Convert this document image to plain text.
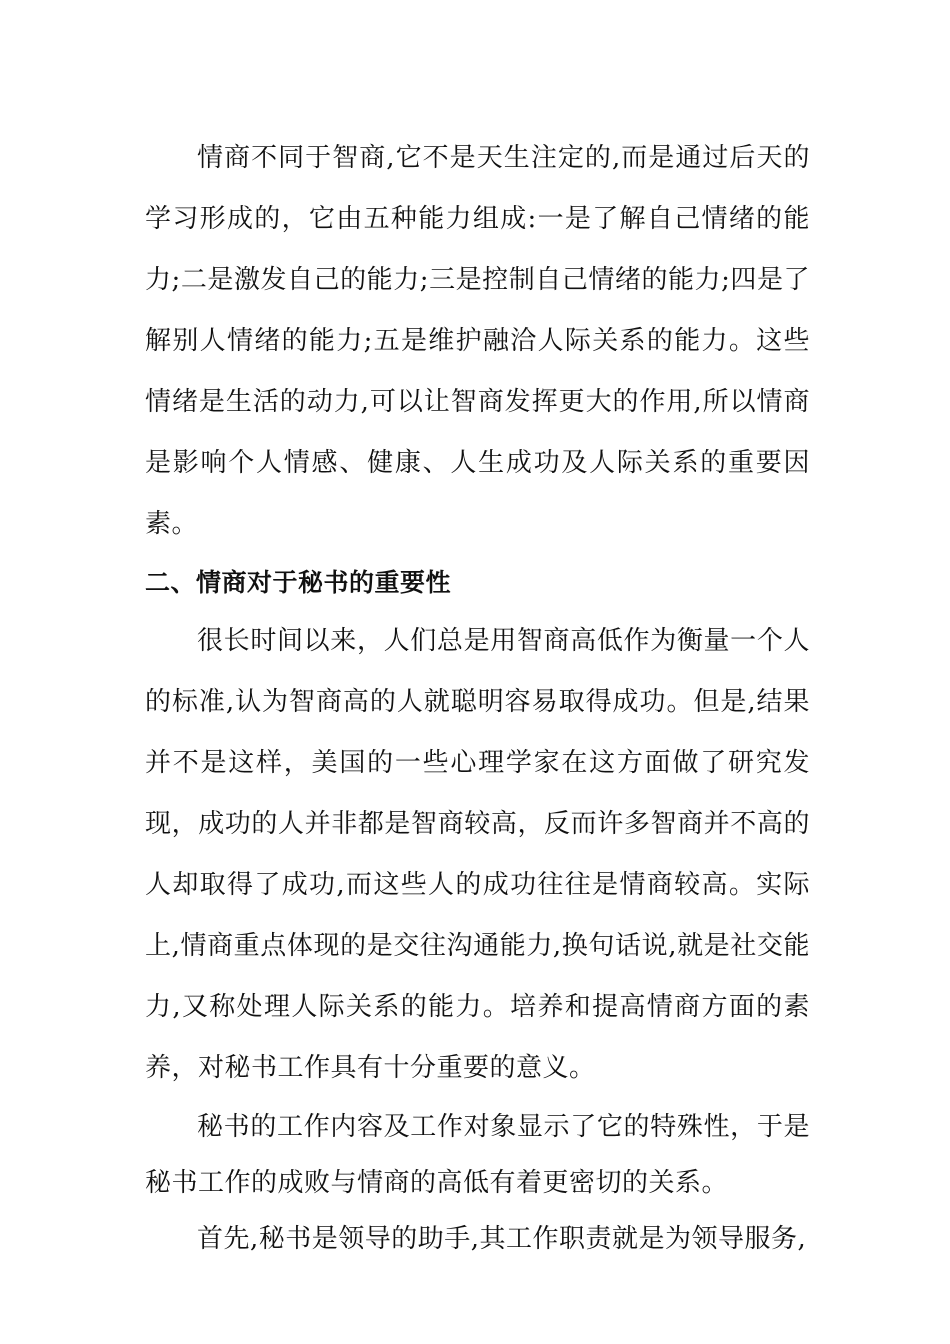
情商不同于智商,它不是天生注定的,而是通过后天的学习形成的，它由五种能力组成:一是了解自己情绪的能力;二是激发自己的能力;三是控制自己情绪的能力;四是了解别人情绪的能力;五是维护融洽人际关系的能力。这些情绪是生活的动力,可以让智商发挥更大的作用,所以情商是影响个人情感、健康、人生成功及人际关系的重要因素。

二、情商对于秘书的重要性

很长时间以来，人们总是用智商高低作为衡量一个人的标准,认为智商高的人就聪明容易取得成功。但是,结果并不是这样，美国的一些心理学家在这方面做了研究发现，成功的人并非都是智商较高，反而许多智商并不高的人却取得了成功,而这些人的成功往往是情商较高。实际上,情商重点体现的是交往沟通能力,换句话说,就是社交能力,又称处理人际关系的能力。培养和提高情商方面的素养，对秘书工作具有十分重要的意义。

秘书的工作内容及工作对象显示了它的特殊性，于是秘书工作的成败与情商的高低有着更密切的关系。

首先,秘书是领导的助手,其工作职责就是为领导服务,
